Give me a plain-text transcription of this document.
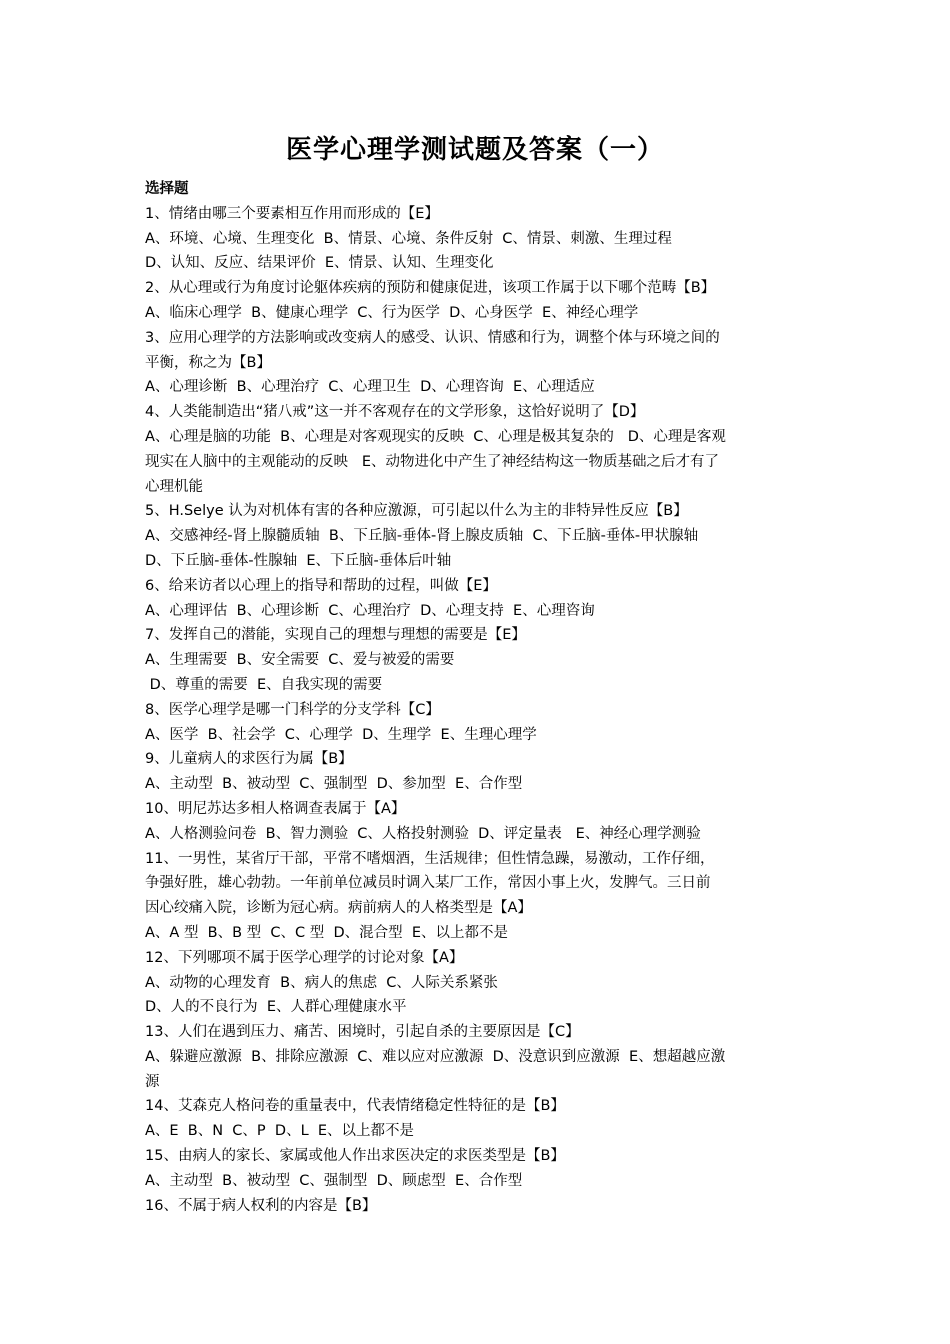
医学心理学测试题及答案（一）
选择题
1、情绪由哪三个要素相互作用而形成的【E】
A、环境、心境、生理变化  B、情景、心境、条件反射  C、情景、刺激、生理过程
D、认知、反应、结果评价  E、情景、认知、生理变化
2、从心理或行为角度讨论躯体疾病的预防和健康促进，该项工作属于以下哪个范畴【B】
A、临床心理学  B、健康心理学  C、行为医学  D、心身医学  E、神经心理学
3、应用心理学的方法影响或改变病人的感受、认识、情感和行为，调整个体与环境之间的
平衡，称之为【B】
A、心理诊断  B、心理治疗  C、心理卫生  D、心理咨询  E、心理适应
4、人类能制造出“猪八戒”这一并不客观存在的文学形象，这恰好说明了【D】
A、心理是脑的功能  B、心理是对客观现实的反映  C、心理是极其复杂的   D、心理是客观
现实在人脑中的主观能动的反映   E、动物进化中产生了神经结构这一物质基础之后才有了
心理机能
5、H.Selye 认为对机体有害的各种应激源，可引起以什么为主的非特异性反应【B】
A、交感神经-肾上腺髓质轴  B、下丘脑-垂体-肾上腺皮质轴  C、下丘脑-垂体-甲状腺轴
D、下丘脑-垂体-性腺轴  E、下丘脑-垂体后叶轴
6、给来访者以心理上的指导和帮助的过程，叫做【E】
A、心理评估  B、心理诊断  C、心理治疗  D、心理支持  E、心理咨询
7、发挥自己的潜能，实现自己的理想与理想的需要是【E】
A、生理需要  B、安全需要  C、爱与被爱的需要
D、尊重的需要  E、自我实现的需要
8、医学心理学是哪一门科学的分支学科【C】
A、医学  B、社会学  C、心理学  D、生理学  E、生理心理学
9、儿童病人的求医行为属【B】
A、主动型  B、被动型  C、强制型  D、参加型  E、合作型
10、明尼苏达多相人格调查表属于【A】
A、人格测验问卷  B、智力测验  C、人格投射测验  D、评定量表   E、神经心理学测验
11、一男性，某省厅干部，平常不嗜烟酒，生活规律；但性情急躁，易激动，工作仔细，
争强好胜，雄心勃勃。一年前单位减员时调入某厂工作，常因小事上火，发脾气。三日前
因心绞痛入院，诊断为冠心病。病前病人的人格类型是【A】
A、A 型  B、B 型  C、C 型  D、混合型  E、以上都不是
12、下列哪项不属于医学心理学的讨论对象【A】
A、动物的心理发育  B、病人的焦虑  C、人际关系紧张
D、人的不良行为  E、人群心理健康水平
13、人们在遇到压力、痛苦、困境时，引起自杀的主要原因是【C】
A、躲避应激源  B、排除应激源  C、难以应对应激源  D、没意识到应激源  E、想超越应激
源
14、艾森克人格问卷的重量表中，代表情绪稳定性特征的是【B】
A、E  B、N  C、P  D、L  E、以上都不是
15、由病人的家长、家属或他人作出求医决定的求医类型是【B】
A、主动型  B、被动型  C、强制型  D、顾虑型  E、合作型
16、不属于病人权利的内容是【B】
